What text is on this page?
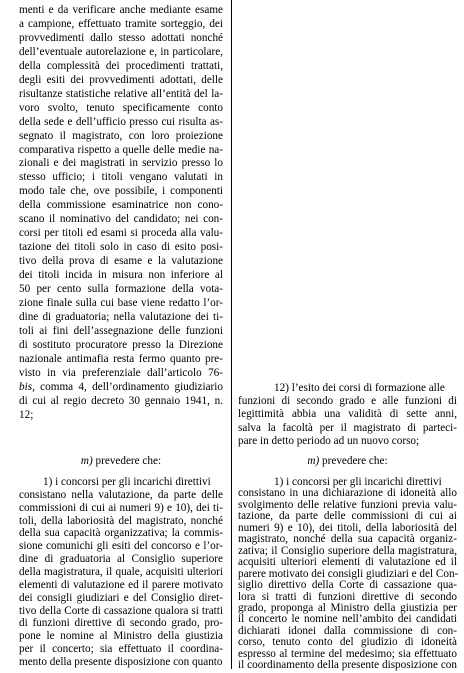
menti e da verificare anche mediante esame
a campione, effettuato tramite sorteggio, dei
provvedimenti dallo stesso adottati nonché
dell’eventuale autorelazione e, in particolare,
della complessità dei procedimenti trattati,
degli esiti dei provvedimenti adottati, delle
risultanze statistiche relative all’entità del la-
voro svolto, tenuto specificamente conto
della sede e dell’ufficio presso cui risulta as-
segnato il magistrato, con loro proiezione
comparativa rispetto a quelle delle medie na-
zionali e dei magistrati in servizio presso lo
stesso ufficio; i titoli vengano valutati in
modo tale che, ove possibile, i componenti
della commissione esaminatrice non cono-
scano il nominativo del candidato; nei con-
corsi per titoli ed esami si proceda alla valu-
tazione dei titoli solo in caso di esito posi-
tivo della prova di esame e la valutazione
dei titoli incida in misura non inferiore al
50 per cento sulla formazione della vota-
zione finale sulla cui base viene redatto l’or-
dine di graduatoria; nella valutazione dei ti-
toli ai fini dell’assegnazione delle funzioni
di sostituto procuratore presso la Direzione
nazionale antimafia resta fermo quanto pre-
visto in via preferenziale dall’articolo 76-
bis, comma 4, dell’ordinamento giudiziario
di cui al regio decreto 30 gennaio 1941, n.
12;
m) prevedere che:
1) i concorsi per gli incarichi direttivi
consistano nella valutazione, da parte delle
commissioni di cui ai numeri 9) e 10), dei ti-
toli, della laboriosità del magistrato, nonché
della sua capacità organizzativa; la commis-
sione comunichi gli esiti del concorso e l’or-
dine di graduatoria al Consiglio superiore
della magistratura, il quale, acquisiti ulteriori
elementi di valutazione ed il parere motivato
dei consigli giudiziari e del Consiglio diret-
tivo della Corte di cassazione qualora si tratti
di funzioni direttive di secondo grado, pro-
pone le nomine al Ministro della giustizia
per il concerto; sia effettuato il coordina-
mento della presente disposizione con quanto
12) l’esito dei corsi di formazione alle
funzioni di secondo grado e alle funzioni di
legittimità abbia una validità di sette anni,
salva la facoltà per il magistrato di parteci-
pare in detto periodo ad un nuovo corso;
m) prevedere che:
1) i concorsi per gli incarichi direttivi
consistano in una dichiarazione di idoneità allo
svolgimento delle relative funzioni previa valu-
tazione, da parte delle commissioni di cui ai
numeri 9) e 10), dei titoli, della laboriosità del
magistrato, nonché della sua capacità organiz-
zativa; il Consiglio superiore della magistratura,
acquisiti ulteriori elementi di valutazione ed il
parere motivato dei consigli giudiziari e del Con-
siglio direttivo della Corte di cassazione qua-
lora si tratti di funzioni direttive di secondo
grado, proponga al Ministro della giustizia per
il concerto le nomine nell’ambito dei candidati
dichiarati idonei dalla commissione di con-
corso, tenuto conto del giudizio di idoneità
espresso al termine del medesimo; sia effettuato
il coordinamento della presente disposizione con
